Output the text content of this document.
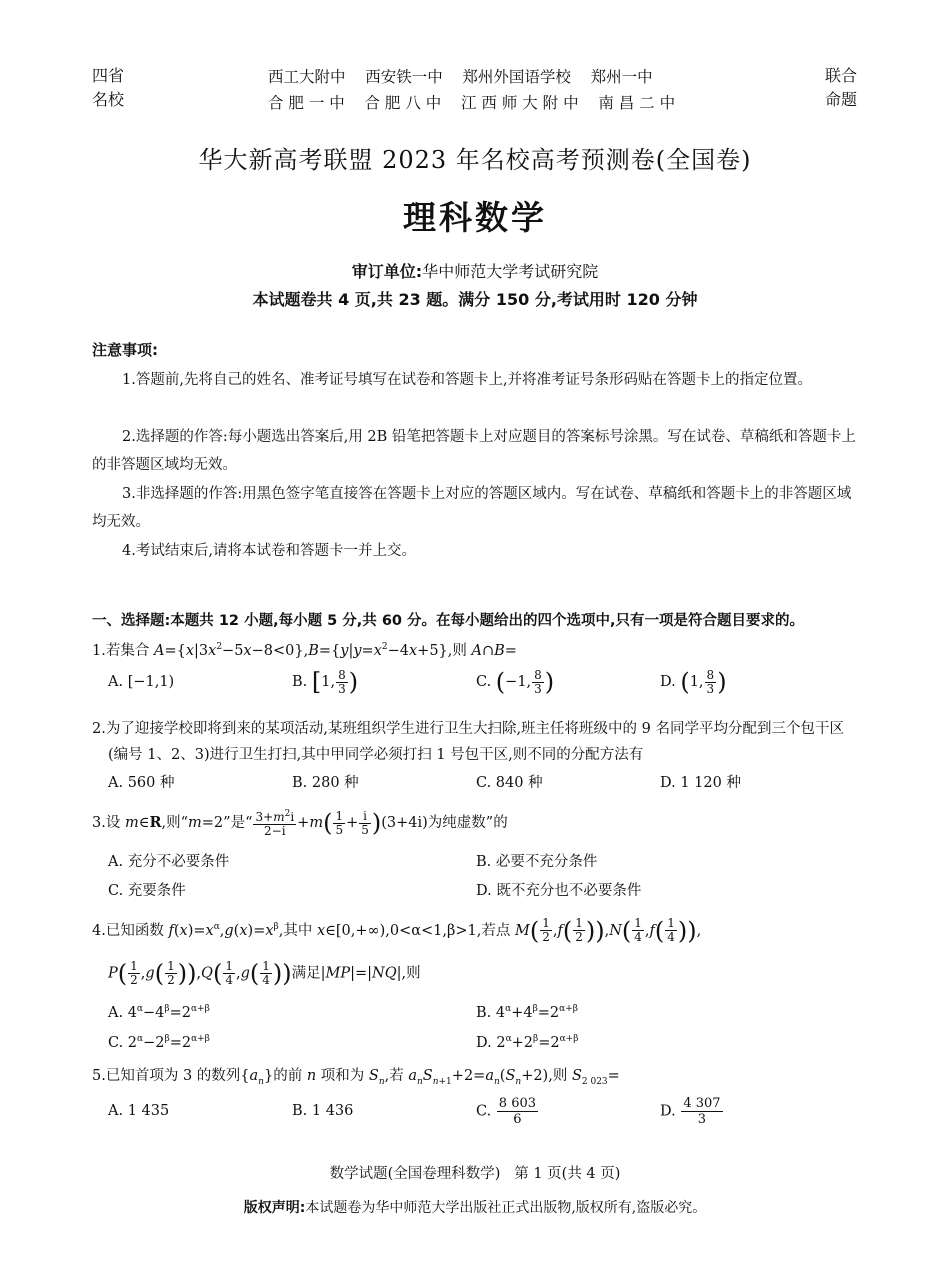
四省
名校
西工大附中    西安铁一中    郑州外国语学校    郑州一中
合 肥 一 中    合 肥 八 中    江 西 师 大 附 中    南 昌 二 中
联合
命题
华大新高考联盟 2023 年名校高考预测卷(全国卷)
理科数学
审订单位:华中师范大学考试研究院
本试题卷共 4 页,共 23 题。满分 150 分,考试用时 120 分钟
注意事项:
1.答题前,先将自己的姓名、准考证号填写在试卷和答题卡上,并将准考证号条形码贴在答题卡上的指定位置。
2.选择题的作答:每小题选出答案后,用 2B 铅笔把答题卡上对应题目的答案标号涂黑。写在试卷、草稿纸和答题卡上的非答题区域均无效。
3.非选择题的作答:用黑色签字笔直接答在答题卡上对应的答题区域内。写在试卷、草稿纸和答题卡上的非答题区域均无效。
4.考试结束后,请将本试卷和答题卡一并上交。
一、选择题:本题共 12 小题,每小题 5 分,共 60 分。在每小题给出的四个选项中,只有一项是符合题目要求的。
1.若集合 $A=\{x|3x^2-5x-8<0\},B=\{y|y=x^2-4x+5\}$,则 A∩B=
A. [−1,1)	B. [1, $\frac{8}{3}$ )	C. (−1, $\frac{8}{3}$ )	D. (1, $\frac{8}{3}$ )
2.为了迎接学校即将到来的某项活动,某班组织学生进行卫生大扫除,班主任将班级中的 9 名同学平均分配到三个包干区(编号 1、2、3)进行卫生打扫,其中甲同学必须打扫 1 号包干区,则不同的分配方法有
A. 560 种	B. 280 种	C. 840 种	D. 1 120 种
3.设 m∈R,则“m=2”是“ $\frac{3+m^2i}{2-i} +m( \frac{1}{5} + \frac{i}{5} )(3+4i)$为纯虚数”的
A. 充分不必要条件	B. 必要不充分条件
C. 充要条件	D. 既不充分也不必要条件
4.已知函数 $f(x)=x^\alpha,g(x)=x^\beta$,其中 x∈[0,+∞),0<α<1,β>1,若点 $M( \frac{1}{2} ,f( \frac{1}{2} )),N( \frac{1}{4} ,f( \frac{1}{4}$ )),
$P( \frac{1}{2} ,g( \frac{1}{2} )),Q( \frac{1}{4} ,g( \frac{1}{4}$ ))满足|MP|=|NQ|,则
A. $4^\alpha-4^\beta=2^{\alpha+\beta}$	B. $4^\alpha+4^\beta=2^{\alpha+\beta}$
C. $2^\alpha-2^\beta=2^{\alpha+\beta}$	D. $2^\alpha+2^\beta=2^{\alpha+\beta}$
5.已知首项为 3 的数列$\{a_n\}$的前 n 项和为 $S_n$,若 $a_nS_{n+1}+2=a_n(S_n+2)$,则 $S_{2 023}=$
A. 1 435	B. 1 436	C. $\frac{8 603}{6}$	D. $\frac{4 307}{3}$
数学试题(全国卷理科数学)   第 1 页(共 4 页)
版权声明:本试题卷为华中师范大学出版社正式出版物,版权所有,盗版必究。
